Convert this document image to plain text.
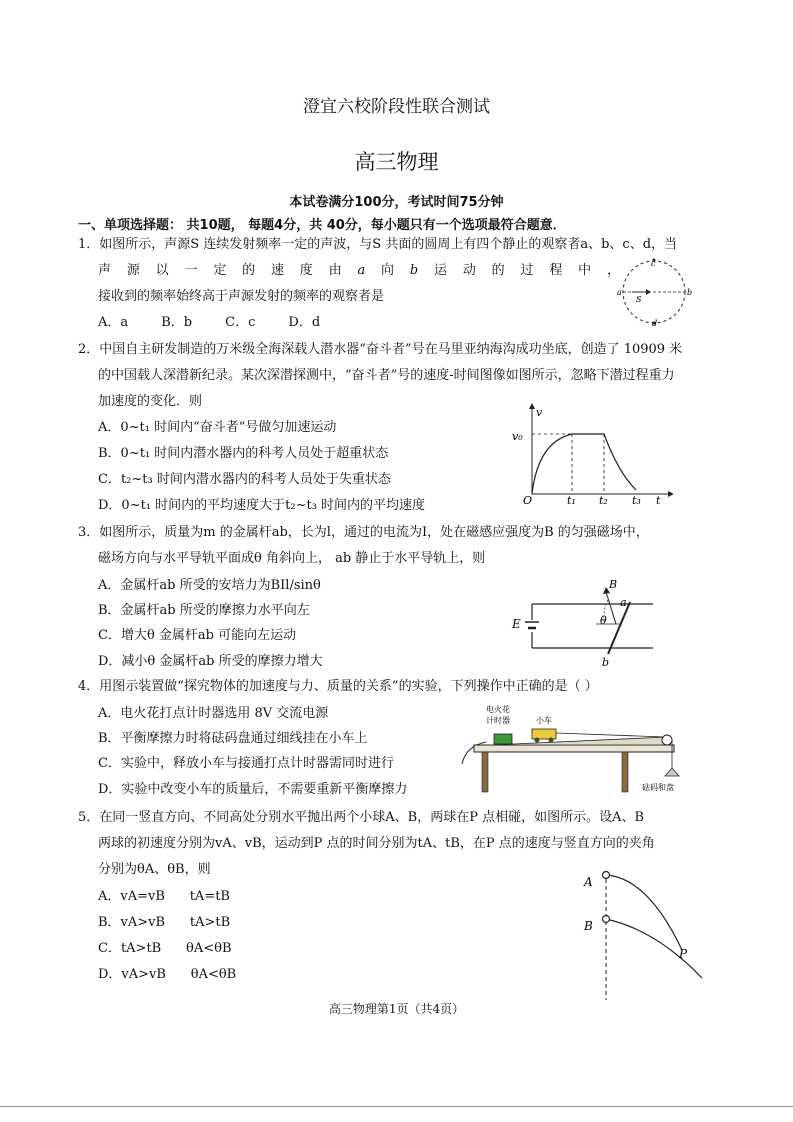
澄宜六校阶段性联合测试
高三物理
本试卷满分100分，考试时间75分钟
一、单项选择题： 共10题， 每题4分，共 40分，每小题只有一个选项最符合题意．
1．如图所示，声源S 连续发射频率一定的声波，与S 共面的圆周上有四个静止的观察者a、b、c、d，当
声 源 以 一 定 的 速 度 由 a 向 b 运 动 的 过 程 中 ，
接收到的频率始终高于声源发射的频率的观察者是
A．a        B．b        C．c        D．d
c
d
a	b
S
2．中国自主研发制造的万米级全海深载人潜水器“奋斗者”号在马里亚纳海沟成功坐底，创造了 10909 米
的中国载人深潜新纪录。某次深潜探测中，“奋斗者”号的速度-时间图像如图所示，忽略下潜过程重力
加速度的变化．则
A．0~t₁ 时间内“奋斗者”号做匀加速运动
B．0~t₁ 时间内潜水器内的科考人员处于超重状态
C．t₂~t₃ 时间内潜水器内的科考人员处于失重状态
D．0~t₁ 时间内的平均速度大于t₂~t₃ 时间内的平均速度
v
v₀
O	t₁ t₂ t₃ t
3．如图所示，质量为m 的金属杆ab，长为l，通过的电流为I，处在磁感应强度为B 的匀强磁场中，
磁场方向与水平导轨平面成θ 角斜向上， ab 静止于水平导轨上，则
A．金属杆ab 所受的安培力为BIl/sinθ
B．金属杆ab 所受的摩擦力水平向左
C．增大θ 金属杆ab 可能向左运动
D．减小θ 金属杆ab 所受的摩擦力增大
B
a
b
E	θ
4．用图示装置做“探究物体的加速度与力、质量的关系”的实验，下列操作中正确的是（ ）
A．电火花打点计时器选用 8V 交流电源
B．平衡摩擦力时将砝码盘通过细线挂在小车上
C．实验中，释放小车与接通打点计时器需同时进行
D．实验中改变小车的质量后，不需要重新平衡摩擦力
电火花
计时器	小车
砝码和盘
5．在同一竖直方向、不同高处分别水平抛出两个小球A、B，两球在P 点相碰，如图所示。设A、B
两球的初速度分别为vA、vB，运动到P 点的时间分别为tA、tB，在P 点的速度与竖直方向的夹角
分别为θA、θB，则
A．vA=vB      tA=tB
B．vA>vB      tA>tB
C．tA>tB      θA<θB
D．vA>vB      θA<θB
A
B
P
高三物理第1页（共4页）
